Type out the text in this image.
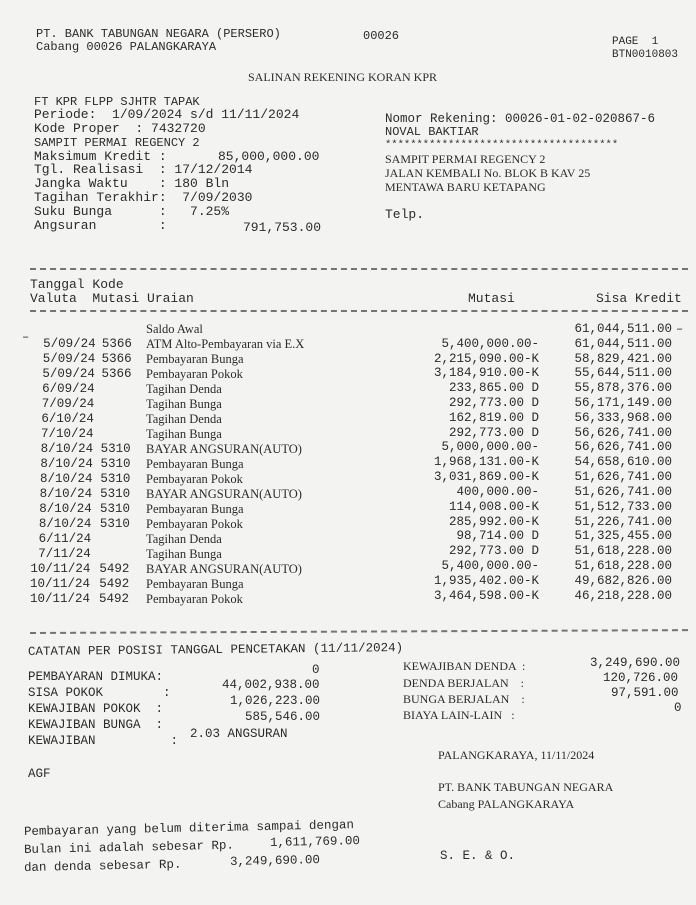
PT. BANK TABUNGAN NEGARA (PERSERO)
Cabang 00026 PALANGKARAYA
00026	PAGE  1
BTN0010803
SALINAN REKENING KORAN KPR
FT KPR FLPP SJHTR TAPAK
Periode:  1/09/2024 s/d 11/11/2024
Kode Proper  : 7432720
SAMPIT PERMAI REGENCY 2
Maksimum Kredit :	85,000,000.00
Tgl. Realisasi  : 17/12/2014
Jangka Waktu    : 180 Bln
Tagihan Terakhir:  7/09/2030
Suku Bunga      :   7.25%
Angsuran        :	791,753.00
Nomor Rekening: 00026-01-02-020867-6
NOVAL BAKTIAR
*************************************
SAMPIT PERMAI REGENCY 2
JALAN KEMBALI No. BLOK B KAV 25
MENTAWA BARU KETAPANG
Telp.
Tanggal Kode
Valuta  Mutasi Uraian	Mutasi	Sisa Kredit
–
–
Saldo Awal	61,044,511.00
5/09/24 5366 ATM Alto-Pembayaran via E.X	5,400,000.00-	61,044,511.00
5/09/24 5366 Pembayaran Bunga	2,215,090.00-K	58,829,421.00
5/09/24 5366 Pembayaran Pokok	3,184,910.00-K	55,644,511.00
6/09/24	Tagihan Denda	233,865.00 D	55,878,376.00
7/09/24	Tagihan Bunga	292,773.00 D	56,171,149.00
6/10/24	Tagihan Denda	162,819.00 D	56,333,968.00
7/10/24	Tagihan Bunga	292,773.00 D	56,626,741.00
8/10/24 5310 BAYAR ANGSURAN(AUTO)	5,000,000.00-	56,626,741.00
8/10/24 5310 Pembayaran Bunga	1,968,131.00-K	54,658,610.00
8/10/24 5310 Pembayaran Pokok	3,031,869.00-K	51,626,741.00
8/10/24 5310 BAYAR ANGSURAN(AUTO)	400,000.00-	51,626,741.00
8/10/24 5310 Pembayaran Bunga	114,008.00-K	51,512,733.00
8/10/24 5310 Pembayaran Pokok	285,992.00-K	51,226,741.00
6/11/24	Tagihan Denda	98,714.00 D	51,325,455.00
7/11/24	Tagihan Bunga	292,773.00 D	51,618,228.00
10/11/24 5492 BAYAR ANGSURAN(AUTO)	5,400,000.00-	51,618,228.00
10/11/24 5492 Pembayaran Bunga	1,935,402.00-K	49,682,826.00
10/11/24 5492 Pembayaran Pokok	3,464,598.00-K	46,218,228.00
CATATAN PER POSISI TANGGAL PENCETAKAN (11/11/2024)
PEMBAYARAN DIMUKA:	0
SISA POKOK        :
44,002,938.00
KEWAJIBAN POKOK  :
1,026,223.00
KEWAJIBAN BUNGA  :
585,546.00
KEWAJIBAN          : 2.03 ANGSURAN
KEWAJIBAN DENDA  :	3,249,690.00
DENDA BERJALAN    :	120,726.00
BUNGA BERJALAN    :	97,591.00
BIAYA LAIN-LAIN   :	0
PALANGKARAYA, 11/11/2024
AGF
PT. BANK TABUNGAN NEGARA
Cabang PALANGKARAYA
Pembayaran yang belum diterima sampai dengan
Bulan ini adalah sebesar Rp.	1,611,769.00
dan denda sebesar Rp.	3,249,690.00	S. E. & O.
